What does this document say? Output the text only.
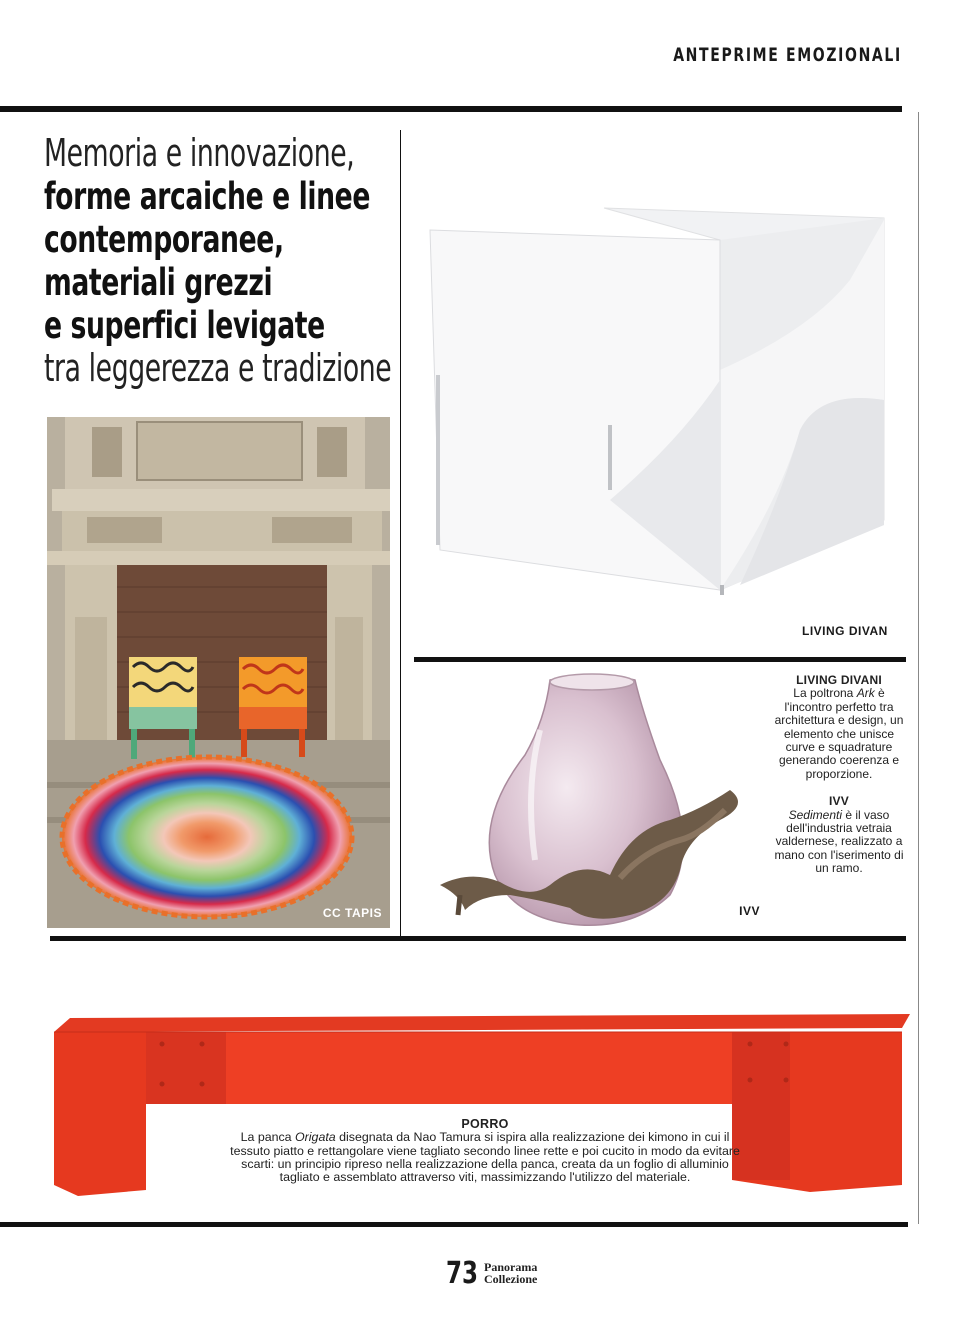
ANTEPRIME EMOZIONALI
Memoria e innovazione,
forme arcaiche e linee
contemporanee,
materiali grezzi
e superfici levigate
tra leggerezza e tradizione
CC TAPIS
LIVING DIVAN
IVV
LIVING DIVANI
La poltrona Ark è l'incontro perfetto tra architettura e design, un elemento che unisce curve e squadrature generando coerenza e proporzione.
IVV
Sedimenti è il vaso dell'industria vetraia valdernese, realizzato a mano con l'iserimento di un ramo.
PORRO
La panca Origata disegnata da Nao Tamura si ispira alla realizzazione dei kimono in cui il tessuto piatto e rettangolare viene tagliato secondo linee rette e poi cucito in modo da evitare scarti: un principio ripreso nella realizzazione della panca, creata da un foglio di alluminio tagliato e assemblato attraverso viti, massimizzando l'utilizzo del materiale.
73 Panorama
Collezione
